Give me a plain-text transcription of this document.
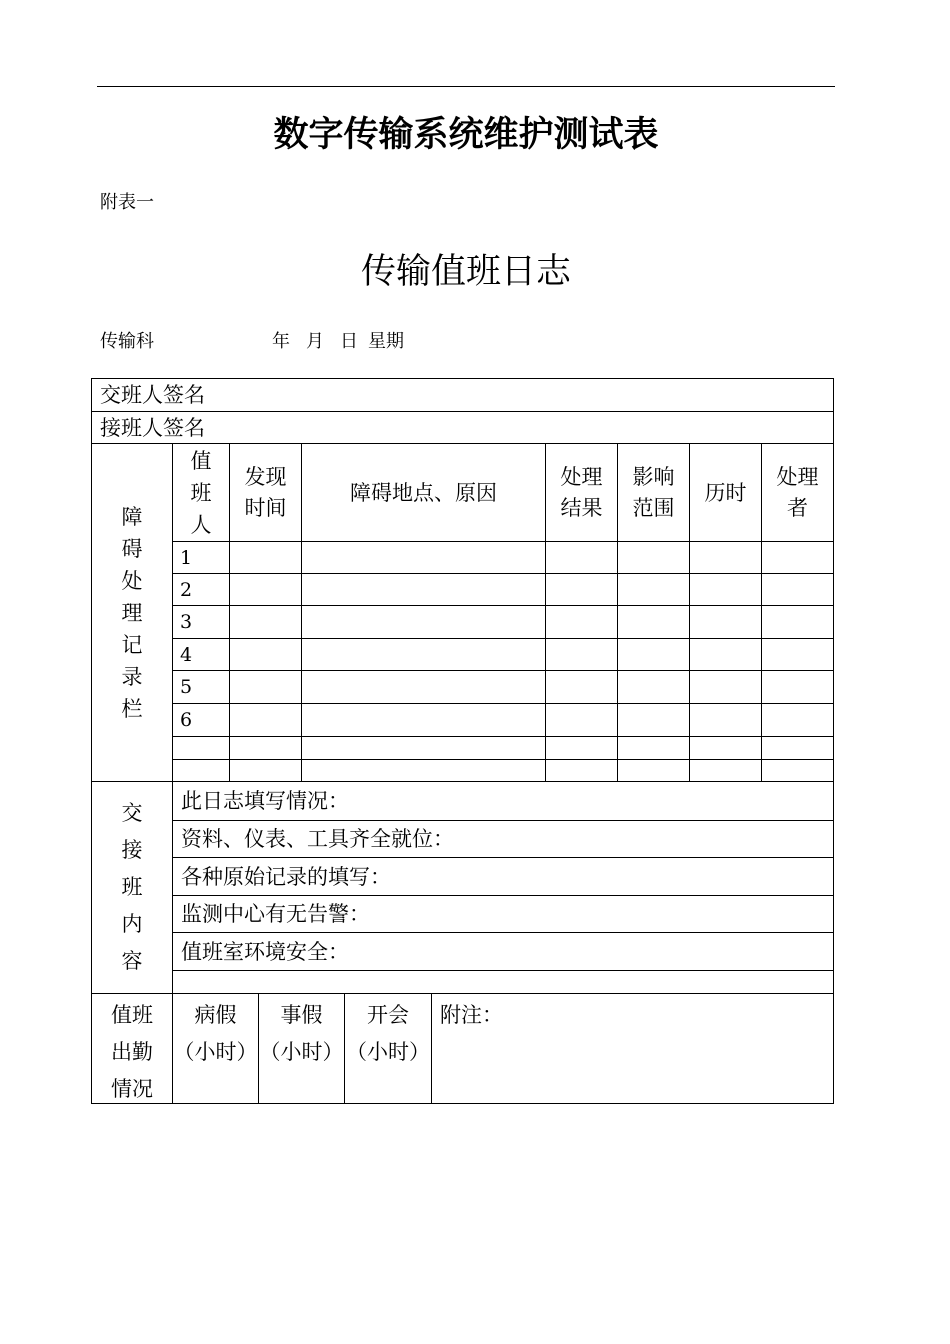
数字传输系统维护测试表
附表一
传输值班日志
传输科	年 月 日 星期
交班人签名
接班人签名
障碍处理记录栏
值班人
发现时间
障碍地点、原因
处理结果
影响范围
历时
处理者
交接班内容
此日志填写情况：
资料、仪表、工具齐全就位：
各种原始记录的填写：
监测中心有无告警：
值班室环境安全：
值班出勤情况
病假
（小时）
事假
（小时）
开会
（小时）
附注：
1
2
3
4
5
6
